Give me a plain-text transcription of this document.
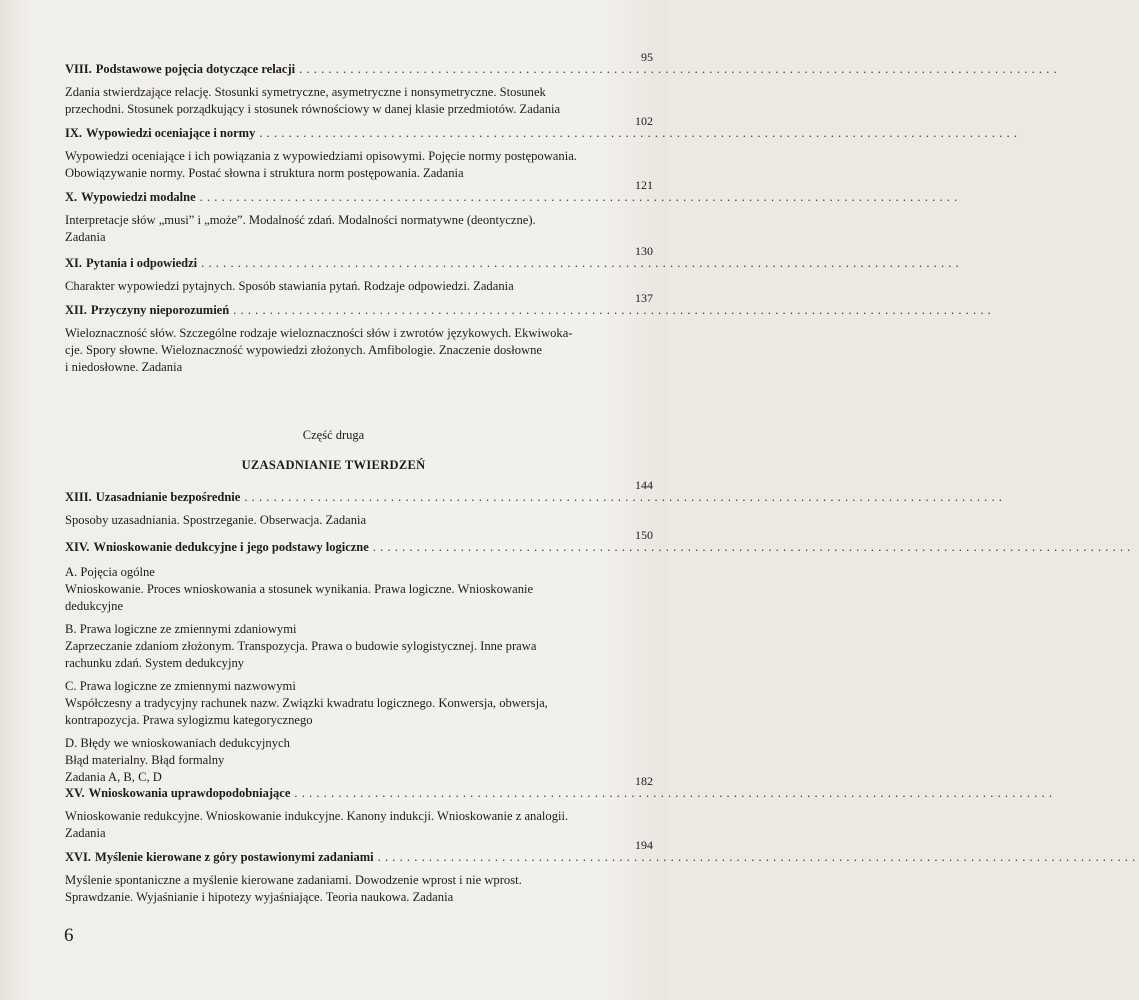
VIII. Podstawowe pojęcia dotyczące relacji ........................................................................................................
95
Zdania stwierdzające relację. Stosunki symetryczne, asymetryczne i nonsymetryczne. Stosunek
przechodni. Stosunek porządkujący i stosunek równościowy w danej klasie przedmiotów. Zadania
IX. Wypowiedzi oceniające i normy ........................................................................................................
102
Wypowiedzi oceniające i ich powiązania z wypowiedziami opisowymi. Pojęcie normy postępowania.
Obowiązywanie normy. Postać słowna i struktura norm postępowania. Zadania
X. Wypowiedzi modalne ........................................................................................................
121
Interpretacje słów „musi” i „może”. Modalność zdań. Modalności normatywne (deontyczne).
Zadania
XI. Pytania i odpowiedzi ........................................................................................................
130
Charakter wypowiedzi pytajnych. Sposób stawiania pytań. Rodzaje odpowiedzi. Zadania
XII. Przyczyny nieporozumień ........................................................................................................
137
Wieloznaczność słów. Szczególne rodzaje wieloznaczności słów i zwrotów językowych. Ekwiwoka-
cje. Spory słowne. Wieloznaczność wypowiedzi złożonych. Amfibologie. Znaczenie dosłowne
i niedosłowne. Zadania
Część druga
UZASADNIANIE TWIERDZEŃ
XIII. Uzasadnianie bezpośrednie ........................................................................................................
144
Sposoby uzasadniania. Spostrzeganie. Obserwacja. Zadania
XIV. Wnioskowanie dedukcyjne i jego podstawy logiczne ........................................................................................................
150
A. Pojęcia ogólne
Wnioskowanie. Proces wnioskowania a stosunek wynikania. Prawa logiczne. Wnioskowanie
dedukcyjne
B. Prawa logiczne ze zmiennymi zdaniowymi
Zaprzeczanie zdaniom złożonym. Transpozycja. Prawa o budowie sylogistycznej. Inne prawa
rachunku zdań. System dedukcyjny
C. Prawa logiczne ze zmiennymi nazwowymi
Współczesny a tradycyjny rachunek nazw. Związki kwadratu logicznego. Konwersja, obwersja,
kontrapozycja. Prawa sylogizmu kategorycznego
D. Błędy we wnioskowaniach dedukcyjnych
Błąd materialny. Błąd formalny
Zadania A, B, C, D
XV. Wnioskowania uprawdopodobniające ........................................................................................................
182
Wnioskowanie redukcyjne. Wnioskowanie indukcyjne. Kanony indukcji. Wnioskowanie z analogii.
Zadania
XVI. Myślenie kierowane z góry postawionymi zadaniami ........................................................................................................
194
Myślenie spontaniczne a myślenie kierowane zadaniami. Dowodzenie wprost i nie wprost.
Sprawdzanie. Wyjaśnianie i hipotezy wyjaśniające. Teoria naukowa. Zadania
6
